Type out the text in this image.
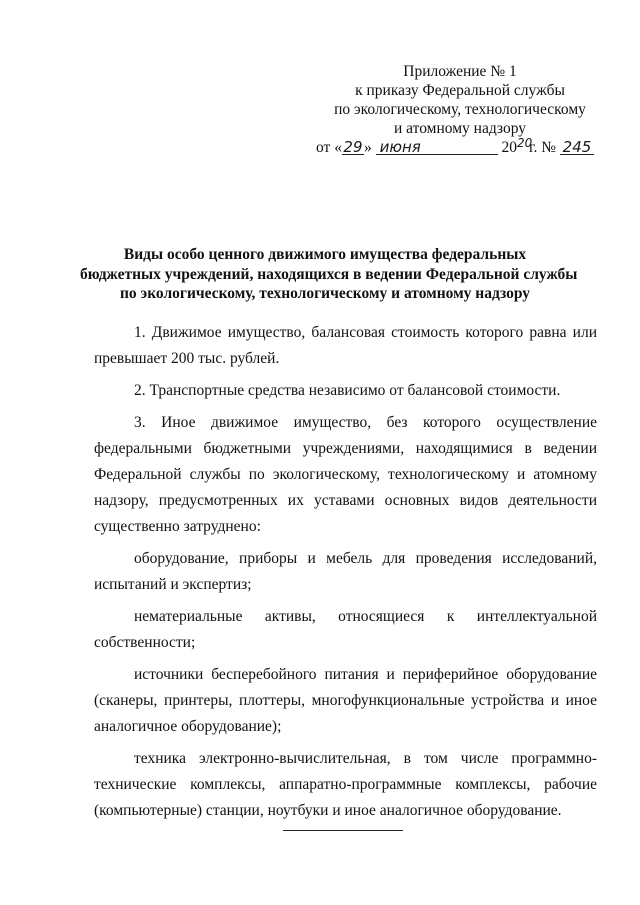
Приложение № 1
к приказу Федеральной службы
по экологическому, технологическому
и атомному надзору
от «29» июня	2020г. № 245
Виды особо ценного движимого имущества федеральных
бюджетных учреждений, находящихся в ведении Федеральной службы
по экологическому, технологическому и атомному надзору
1. Движимое имущество, балансовая стоимость которого равна или
превышает 200 тыс. рублей.
2. Транспортные средства независимо от балансовой стоимости.
3. Иное движимое имущество, без которого осуществление
федеральными бюджетными учреждениями, находящимися в ведении
Федеральной службы по экологическому, технологическому и атомному
надзору, предусмотренных их уставами основных видов деятельности
существенно затруднено:
оборудование, приборы и мебель для проведения исследований,
испытаний и экспертиз;
нематериальные активы, относящиеся к интеллектуальной
собственности;
источники бесперебойного питания и периферийное оборудование
(сканеры, принтеры, плоттеры, многофункциональные устройства и иное
аналогичное оборудование);
техника электронно-вычислительная, в том числе программно-
технические комплексы, аппаратно-программные комплексы, рабочие
(компьютерные) станции, ноутбуки и иное аналогичное оборудование.
